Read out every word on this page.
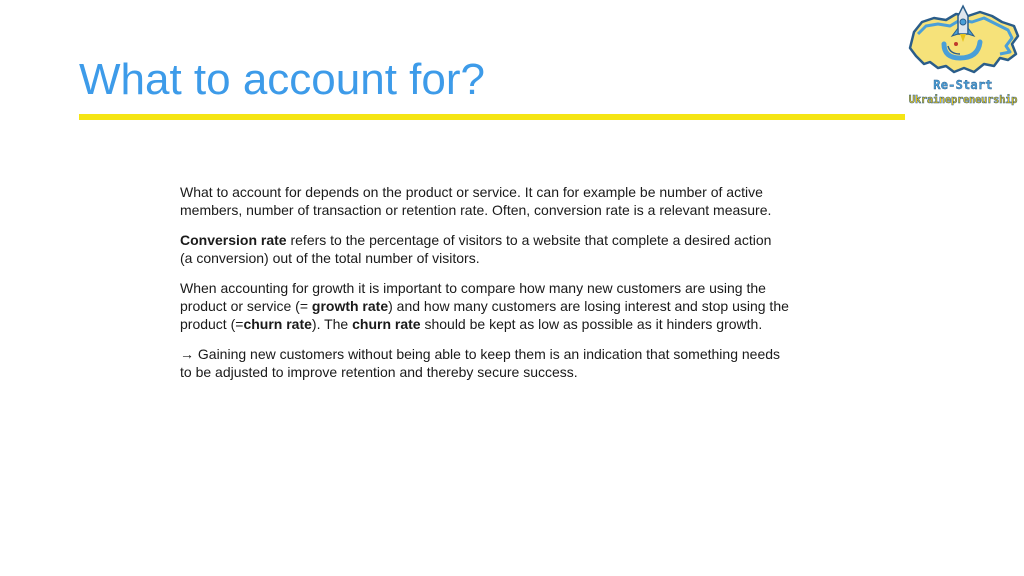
What to account for?	Re-Start
Ukrainepreneurship

What to account for depends on the product or service. It can for example be number of active members, number of transaction or retention rate. Often, conversion rate is a relevant measure.

Conversion rate refers to the percentage of visitors to a website that complete a desired action
(a conversion) out of the total number of visitors.

When accounting for growth it is important to compare how many new customers are using the product or service (= growth rate) and how many customers are losing interest and stop using the product (=churn rate). The churn rate should be kept as low as possible as it hinders growth.

→ Gaining new customers without being able to keep them is an indication that something needs to be adjusted to improve retention and thereby secure success.
